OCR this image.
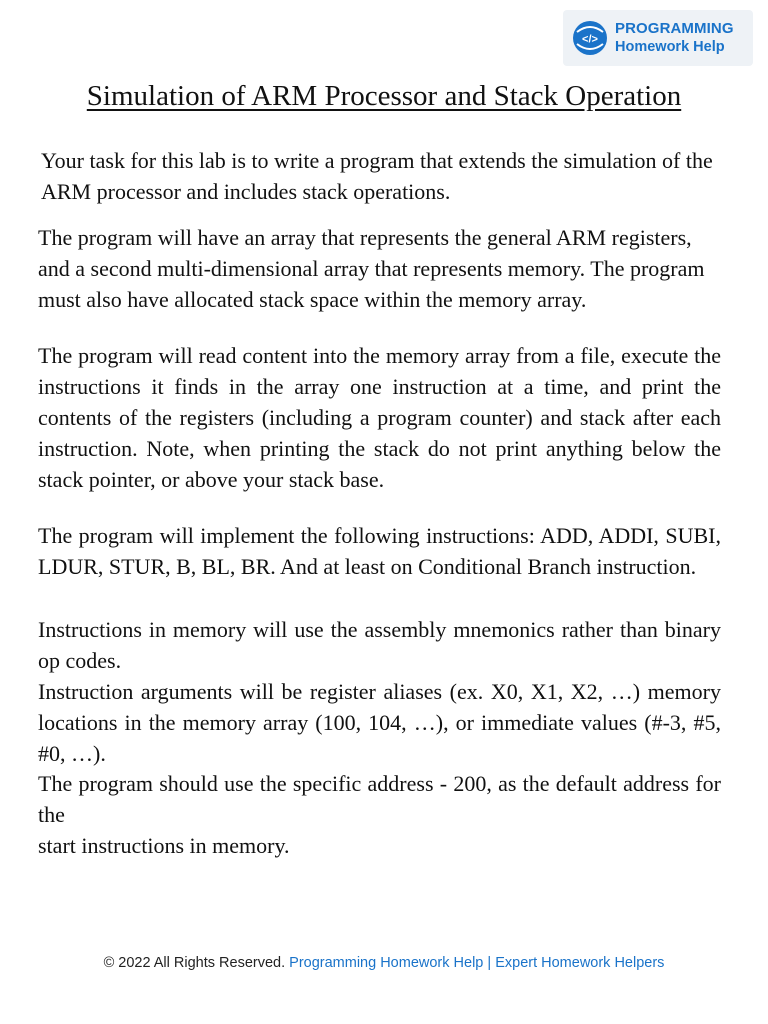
</>
PROGRAMMING
Homework Help
Simulation of ARM Processor and Stack Operation

Your task for this lab is to write a program that extends the simulation of the ARM processor and includes stack operations.

The program will have an array that represents the general ARM registers, and a second multi-dimensional array that represents memory. The program must also have allocated stack space within the memory array.

The program will read content into the memory array from a file, execute the instructions it finds in the array one instruction at a time, and print the contents of the registers (including a program counter) and stack after each instruction. Note, when printing the stack do not print anything below the stack pointer, or above your stack base.

The program will implement the following instructions: ADD, ADDI, SUBI, LDUR, STUR, B, BL, BR. And at least on Conditional Branch instruction.

Instructions in memory will use the assembly mnemonics rather than binary op codes.

Instruction arguments will be register aliases (ex. X0, X1, X2, …) memory locations in the memory array (100, 104, …), or immediate values (#-3, #5, #0, …).

The program should use the specific address - 200, as the default address for the
start instructions in memory.

© 2022 All Rights Reserved. Programming Homework Help | Expert Homework Helpers
